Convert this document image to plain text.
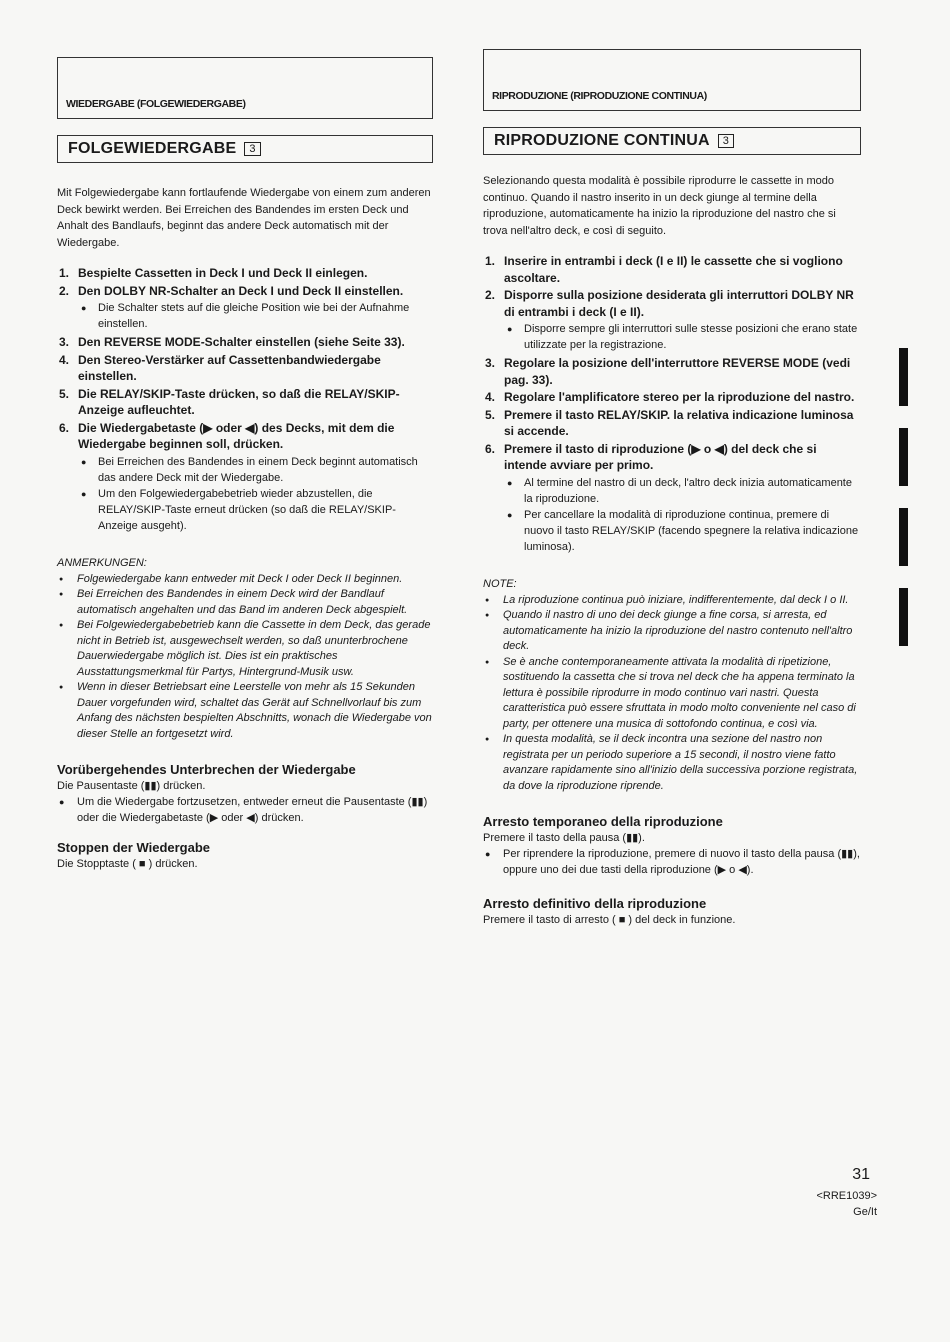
WIEDERGABE (FOLGEWIEDERGABE)
FOLGEWIEDERGABE	3
Mit Folgewiedergabe kann fortlaufende Wiedergabe von einem zum anderen Deck bewirkt werden. Bei Erreichen des Bandendes im ersten Deck und Anhalt des Bandlaufs, beginnt das andere Deck automatisch mit der Wiedergabe.
1. Bespielte Cassetten in Deck I und Deck II einlegen.
2. Den DOLBY NR-Schalter an Deck I und Deck II einstellen.
● Die Schalter stets auf die gleiche Position wie bei der Aufnahme einstellen.
3. Den REVERSE MODE-Schalter einstellen (siehe Seite 33).
4. Den Stereo-Verstärker auf Cassettenbandwiedergabe einstellen.
5. Die RELAY/SKIP-Taste drücken, so daß die RELAY/SKIP-Anzeige aufleuchtet.
6. Die Wiedergabetaste (▶ oder ◀) des Decks, mit dem die Wiedergabe beginnen soll, drücken.
● Bei Erreichen des Bandendes in einem Deck beginnt automatisch das andere Deck mit der Wiedergabe.
● Um den Folgewiedergabebetrieb wieder abzustellen, die RELAY/SKIP-Taste erneut drücken (so daß die RELAY/SKIP-Anzeige ausgeht).
ANMERKUNGEN:
● Folgewiedergabe kann entweder mit Deck I oder Deck II beginnen.
● Bei Erreichen des Bandendes in einem Deck wird der Bandlauf automatisch angehalten und das Band im anderen Deck abgespielt.
● Bei Folgewiedergabebetrieb kann die Cassette in dem Deck, das gerade nicht in Betrieb ist, ausgewechselt werden, so daß ununterbrochene Dauerwiedergabe möglich ist. Dies ist ein praktisches Ausstattungsmerkmal für Partys, Hintergrund-Musik usw.
● Wenn in dieser Betriebsart eine Leerstelle von mehr als 15 Sekunden Dauer vorgefunden wird, schaltet das Gerät auf Schnellvorlauf bis zum Anfang des nächsten bespielten Abschnitts, wonach die Wiedergabe von dieser Stelle an fortgesetzt wird.
Vorübergehendes Unterbrechen der Wiedergabe
Die Pausentaste (▮▮) drücken.
● Um die Wiedergabe fortzusetzen, entweder erneut die Pausentaste (▮▮) oder die Wiedergabetaste (▶ oder ◀) drücken.
Stoppen der Wiedergabe
Die Stopptaste ( ■ ) drücken.
RIPRODUZIONE (RIPRODUZIONE CONTINUA)
RIPRODUZIONE CONTINUA	3
Selezionando questa modalità è possibile riprodurre le cassette in modo continuo. Quando il nastro inserito in un deck giunge al termine della riproduzione, automaticamente ha inizio la riproduzione del nastro che si trova nell'altro deck, e così di seguito.
1. Inserire in entrambi i deck (I e II) le cassette che si vogliono ascoltare.
2. Disporre sulla posizione desiderata gli interruttori DOLBY NR di entrambi i deck (I e II).
● Disporre sempre gli interruttori sulle stesse posizioni che erano state utilizzate per la registrazione.
3. Regolare la posizione dell'interruttore REVERSE MODE (vedi pag. 33).
4. Regolare l'amplificatore stereo per la riproduzione del nastro.
5. Premere il tasto RELAY/SKIP. la relativa indicazione luminosa si accende.
6. Premere il tasto di riproduzione (▶ o ◀) del deck che si intende avviare per primo.
● Al termine del nastro di un deck, l'altro deck inizia automaticamente la riproduzione.
● Per cancellare la modalità di riproduzione continua, premere di nuovo il tasto RELAY/SKIP (facendo spegnere la relativa indicazione luminosa).
NOTE:
● La riproduzione continua può iniziare, indifferentemente, dal deck I o II.
● Quando il nastro di uno dei deck giunge a fine corsa, si arresta, ed automaticamente ha inizio la riproduzione del nastro contenuto nell'altro deck.
● Se è anche contemporaneamente attivata la modalità di ripetizione, sostituendo la cassetta che si trova nel deck che ha appena terminato la lettura è possibile riprodurre in modo continuo vari nastri. Questa caratteristica può essere sfruttata in modo molto conveniente nel caso di party, per ottenere una musica di sottofondo continua, e così via.
● In questa modalità, se il deck incontra una sezione del nastro non registrata per un periodo superiore a 15 secondi, il nostro viene fatto avanzare rapidamente sino all'inizio della successiva porzione registrata, da dove la riproduzione riprende.
Arresto temporaneo della riproduzione
Premere il tasto della pausa (▮▮).
● Per riprendere la riproduzione, premere di nuovo il tasto della pausa (▮▮), oppure uno dei due tasti della riproduzione (▶ o ◀).
Arresto definitivo della riproduzione
Premere il tasto di arresto ( ■ ) del deck in funzione.
31
<RRE1039>
Ge/It
